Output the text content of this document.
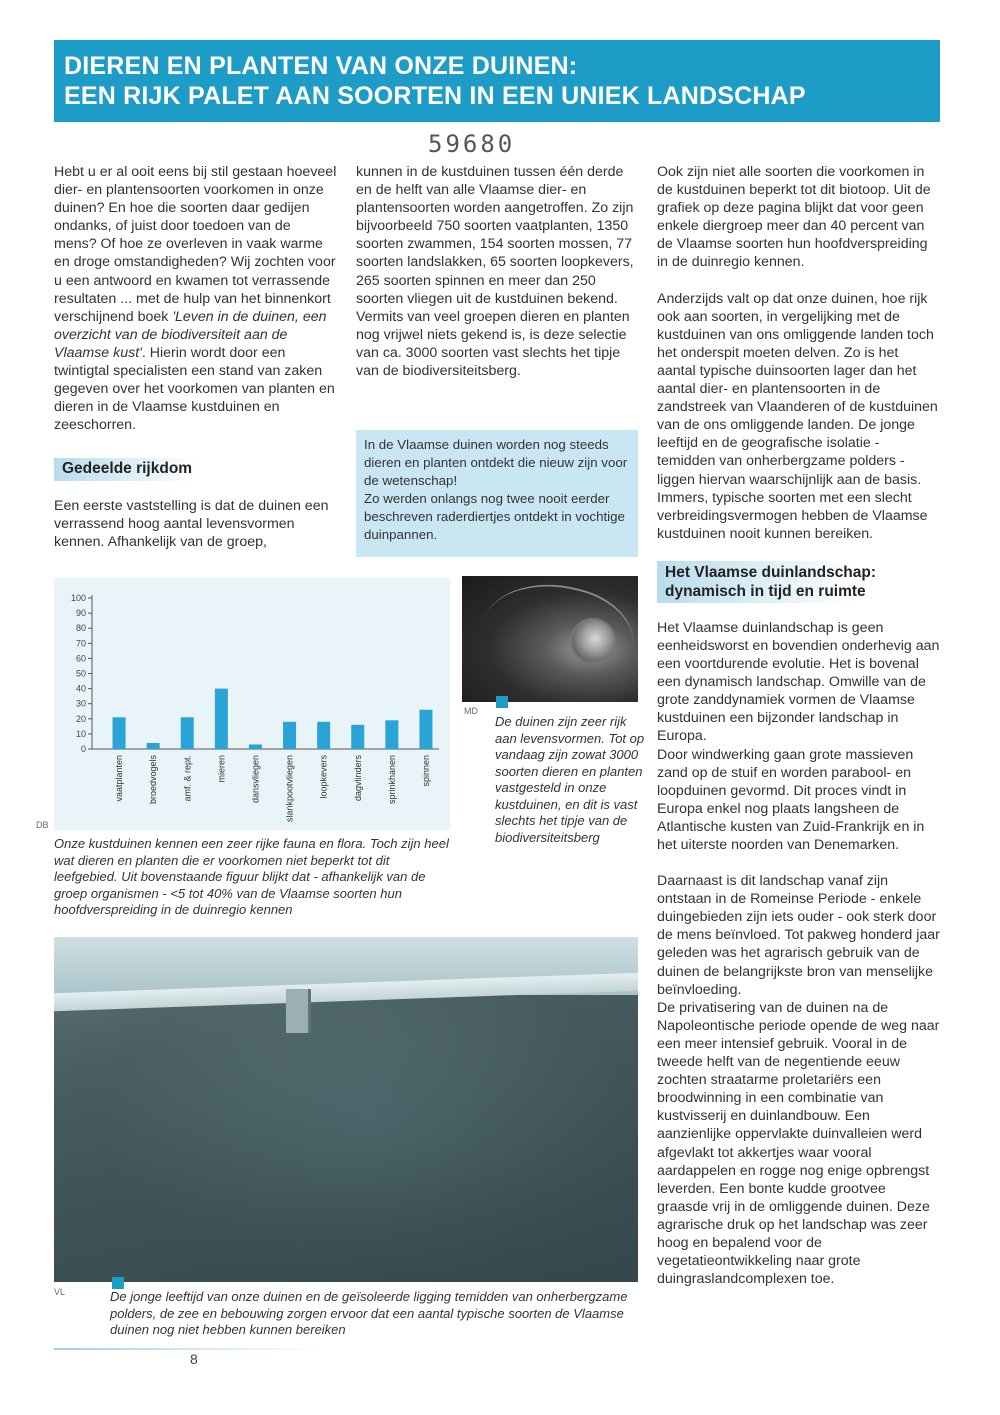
DIEREN EN PLANTEN VAN ONZE DUINEN:
EEN RIJK PALET AAN SOORTEN IN EEN UNIEK LANDSCHAP
59680

Hebt u er al ooit eens bij stil gestaan hoeveel dier- en plantensoorten voorkomen in onze duinen? En hoe die soorten daar gedijen ondanks, of juist door toedoen van de mens? Of hoe ze overleven in vaak warme en droge omstandigheden? Wij zochten voor u een antwoord en kwamen tot verrassende resultaten ... met de hulp van het binnenkort verschijnend boek 'Leven in de duinen, een overzicht van de biodiversiteit aan de Vlaamse kust'. Hierin wordt door een twintigtal specialisten een stand van zaken gegeven over het voorkomen van planten en dieren in de Vlaamse kustduinen en zeeschorren.

Gedeelde rijkdom

Een eerste vaststelling is dat de duinen een verrassend hoog aantal levensvormen kennen. Afhankelijk van de groep,

kunnen in de kustduinen tussen één derde en de helft van alle Vlaamse dier- en plantensoorten worden aangetroffen. Zo zijn bijvoorbeeld 750 soorten vaatplanten, 1350 soorten zwammen, 154 soorten mossen, 77 soorten landslakken, 65 soorten loopkevers, 265 soorten spinnen en meer dan 250 soorten vliegen uit de kustduinen bekend. Vermits van veel groepen dieren en planten nog vrijwel niets gekend is, is deze selectie van ca. 3000 soorten vast slechts het tipje van de biodiversiteitsberg.

In de Vlaamse duinen worden nog steeds dieren en planten ontdekt die nieuw zijn voor de wetenschap!
Zo werden onlangs nog twee nooit eerder beschreven raderdiertjes ontdekt in vochtige duinpannen.

Ook zijn niet alle soorten die voorkomen in de kustduinen beperkt tot dit biotoop. Uit de grafiek op deze pagina blijkt dat voor geen enkele diergroep meer dan 40 percent van de Vlaamse soorten hun hoofdverspreiding in de duinregio kennen.

Anderzijds valt op dat onze duinen, hoe rijk ook aan soorten, in vergelijking met de kustduinen van ons omliggende landen toch het onderspit moeten delven. Zo is het aantal typische duinsoorten lager dan het aantal dier- en plantensoorten in de zandstreek van Vlaanderen of de kustduinen van de ons omliggende landen. De jonge leeftijd en de geografische isolatie - temidden van onherbergzame polders - liggen hiervan waarschijnlijk aan de basis. Immers, typische soorten met een slecht verbreidingsvermogen hebben de Vlaamse kustduinen nooit kunnen bereiken.

Het Vlaamse duinlandschap: dynamisch in tijd en ruimte

Het Vlaamse duinlandschap is geen eenheidsworst en bovendien onderhevig aan een voortdurende evolutie. Het is bovenal een dynamisch landschap. Omwille van de grote zanddynamiek vormen de Vlaamse kustduinen een bijzonder landschap in Europa.

Door windwerking gaan grote massieven zand op de stuif en worden parabool- en loopduinen gevormd. Dit proces vindt in Europa enkel nog plaats langsheen de Atlantische kusten van Zuid-Frankrijk en in het uiterste noorden van Denemarken.

Daarnaast is dit landschap vanaf zijn ontstaan in de Romeinse Periode - enkele duingebieden zijn iets ouder - ook sterk door de mens beïnvloed. Tot pakweg honderd jaar geleden was het agrarisch gebruik van de duinen de belangrijkste bron van menselijke beïnvloeding.

De privatisering van de duinen na de Napoleontische periode opende de weg naar een meer intensief gebruik. Vooral in de tweede helft van de negentiende eeuw zochten straatarme proletariërs een broodwinning in een combinatie van kustvisserij en duinlandbouw. Een aanzienlijke oppervlakte duinvalleien werd afgevlakt tot akkertjes waar vooral aardappelen en rogge nog enige opbrengst leverden. Een bonte kudde grootvee graasde vrij in de omliggende duinen. Deze agrarische druk op het landschap was zeer hoog en bepalend voor de vegetatieontwikkeling naar grote duingraslandcomplexen toe.

100
90
80
70
60
50
40
30
20
10
0
vaatplanten	broedvogels	amf. & rept.	mieren	dansvliegen	slankpootvliegen	loopkevers	dagvlinders	sprinkhanen	spinnen
DB
Onze kustduinen kennen een zeer rijke fauna en flora. Toch zijn heel wat dieren en planten die er voorkomen niet beperkt tot dit leefgebied. Uit bovenstaande figuur blijkt dat - afhankelijk van de groep organismen - <5 tot 40% van de Vlaamse soorten hun hoofdverspreiding in de duinregio kennen
MD
De duinen zijn zeer rijk aan levensvormen. Tot op vandaag zijn zowat 3000 soorten dieren en planten vastgesteld in onze kustduinen, en dit is vast slechts het tipje van de biodiversiteitsberg
VL	De jonge leeftijd van onze duinen en de geïsoleerde ligging temidden van onherbergzame polders, de zee en bebouwing zorgen ervoor dat een aantal typische soorten de Vlaamse duinen nog niet hebben kunnen bereiken
8
